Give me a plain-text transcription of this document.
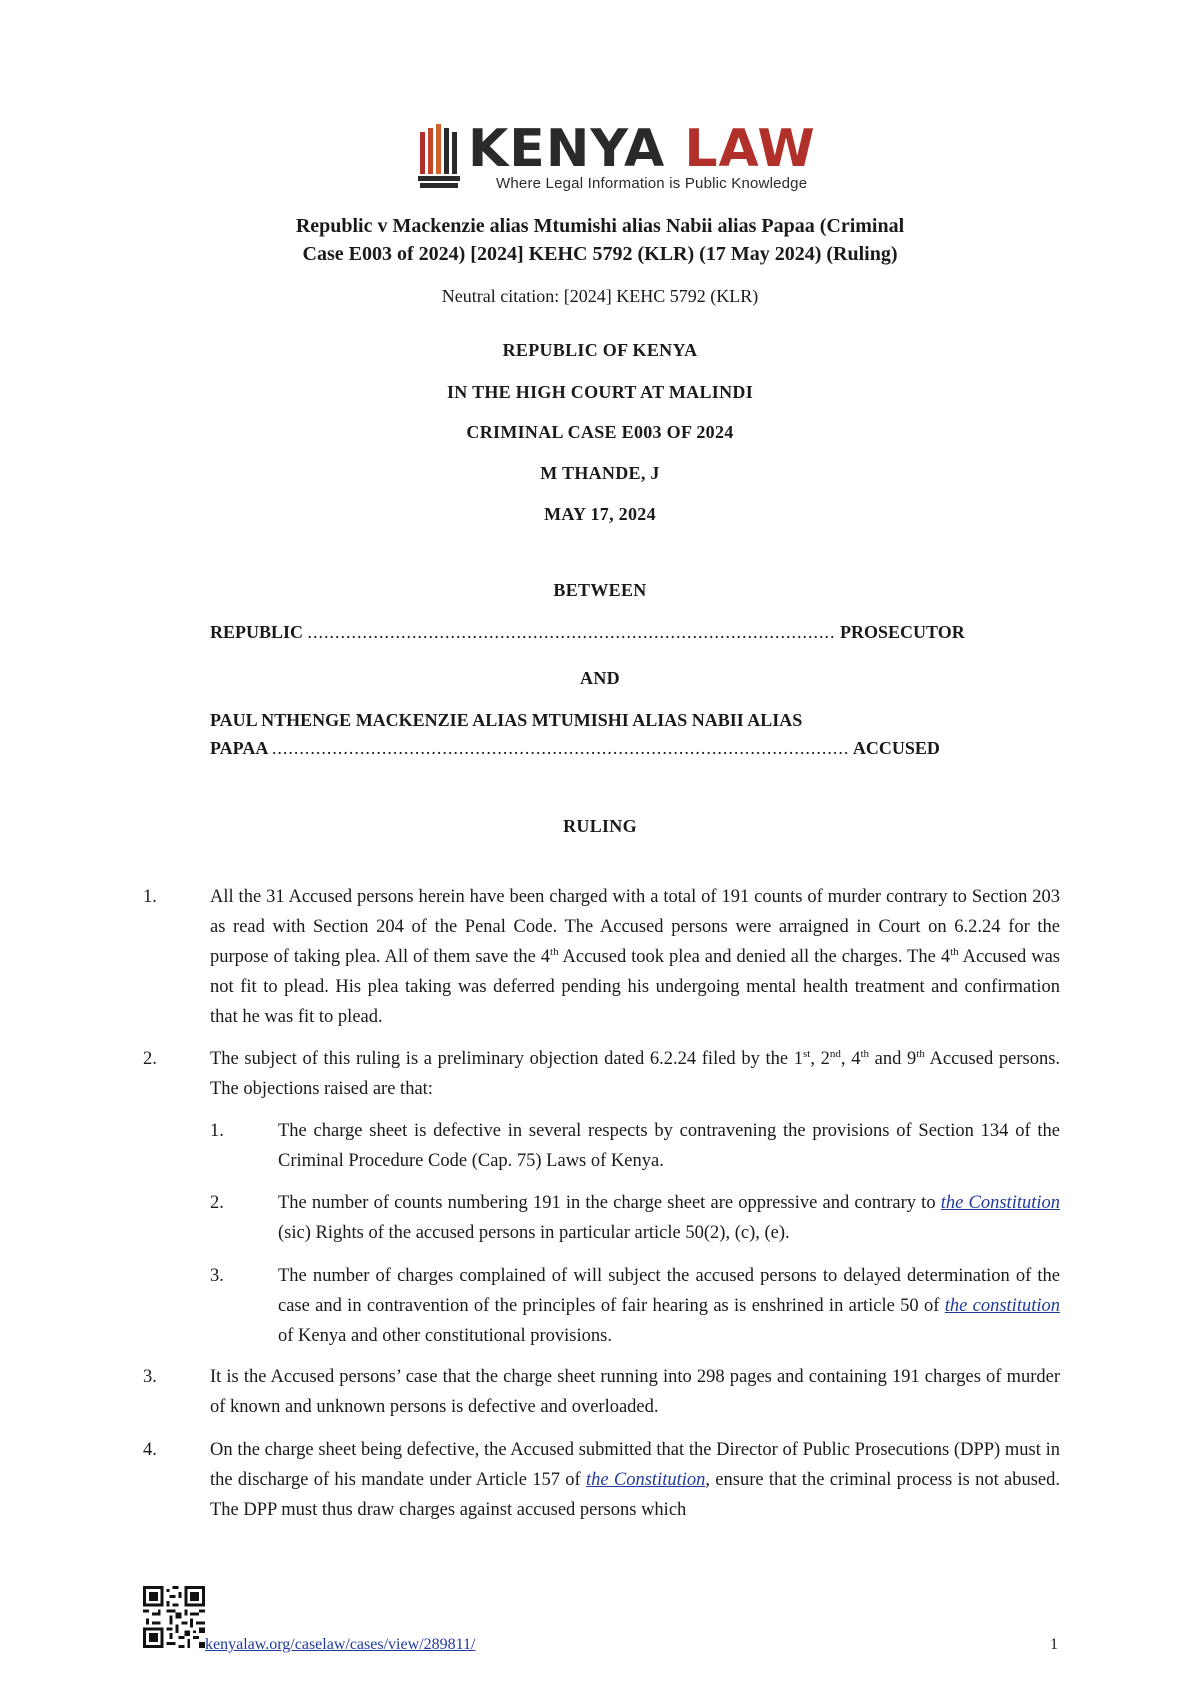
KENYA LAW
Where Legal Information is Public Knowledge
Republic v Mackenzie alias Mtumishi alias Nabii alias Papaa (Criminal
Case E003 of 2024) [2024] KEHC 5792 (KLR) (17 May 2024) (Ruling)
Neutral citation: [2024] KEHC 5792 (KLR)
REPUBLIC OF KENYA
IN THE HIGH COURT AT MALINDI
CRIMINAL CASE E003 OF 2024
M THANDE, J
MAY 17, 2024
BETWEEN
REPUBLIC ................................................................................................ PROSECUTOR
AND
PAUL NTHENGE MACKENZIE ALIAS MTUMISHI ALIAS NABII ALIAS
PAPAA ......................................................................................................... ACCUSED
RULING
1.	All the 31 Accused persons herein have been charged with a total of 191 counts of murder contrary to Section 203 as read with Section 204 of the Penal Code. The Accused persons were arraigned in Court on 6.2.24 for the purpose of taking plea. All of them save the 4th Accused took plea and denied all the charges. The 4th Accused was not fit to plead. His plea taking was deferred pending his undergoing mental health treatment and confirmation that he was fit to plead.
2.	The subject of this ruling is a preliminary objection dated 6.2.24 filed by the 1st, 2nd, 4th and 9th Accused persons. The objections raised are that:
1.	The charge sheet is defective in several respects by contravening the provisions of Section 134 of the Criminal Procedure Code (Cap. 75) Laws of Kenya.
2.	The number of counts numbering 191 in the charge sheet are oppressive and contrary to the Constitution (sic) Rights of the accused persons in particular article 50(2), (c), (e).
3.	The number of charges complained of will subject the accused persons to delayed determination of the case and in contravention of the principles of fair hearing as is enshrined in article 50 of the constitution of Kenya and other constitutional provisions.
3.	It is the Accused persons’ case that the charge sheet running into 298 pages and containing 191 charges of murder of known and unknown persons is defective and overloaded.
4.	On the charge sheet being defective, the Accused submitted that the Director of Public Prosecutions (DPP) must in the discharge of his mandate under Article 157 of the Constitution, ensure that the criminal process is not abused. The DPP must thus draw charges against accused persons which
kenyalaw.org/caselaw/cases/view/289811/	1
